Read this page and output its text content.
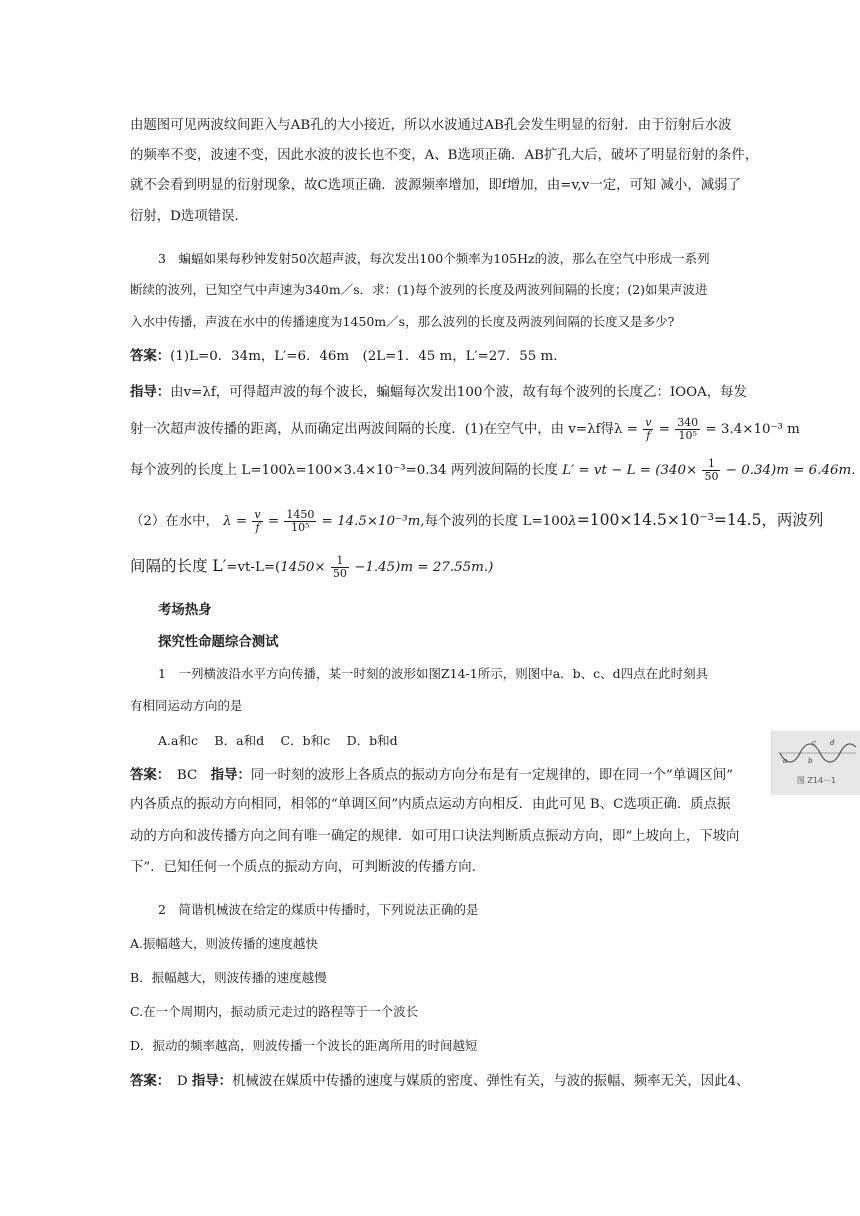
由题图可见两波纹间距入与AB孔的大小接近，所以水波通过AB孔会发生明显的衍射．由于衍射后水波
的频率不变，波速不变，因此水波的波长也不变，A、B选项正确．AB扩孔大后，破坏了明显衍射的条件，
就不会看到明显的衍射现象，故C选项正确．波源频率增加，即f增加，由=v,v一定，可知 减小，减弱了
衍射，D选项错误．
3　蝙蝠如果每秒钟发射50次超声波，每次发出100个频率为105Hz的波，那么在空气中形成一系列
断续的波列，已知空气中声速为340m／s．求：(1)每个波列的长度及两波列间隔的长度；(2)如果声波进
入水中传播，声波在水中的传播速度为1450m／s，那么波列的长度及两波列间隔的长度又是多少?
答案：(1)L=0．34m，L′=6．46m　(2L=1．45 m，L′=27．55 m．
指导：由v=λf，可得超声波的每个波长，蝙蝠每次发出100个波，故有每个波列的长度乙：IOOA，每发
射一次超声波传播的距离，从而确定出两波间隔的长度．(1)在空气中，由 v=λf得$\lambda = \frac{v}{f} = \frac{340}{\text{10⁵}} = 3.4\times 10^{-3}$ m
每个波列的长度上 L=100λ=100×3.4×10⁻³=0.34 两列波间隔的长度 L′ = vt − $L = (340\times \frac{1}{50} - 0.34)m = 6.46m$.
（2）在水中， $\lambda = \frac{v}{f} = \frac{1450}{\text{10⁵}} = 14.5\times 10^{-3}m$,每个波列的长度 L=100λ=100×14.5×10⁻³=14.5，两波列
间隔的长度 $L'=vt-L=(1450\times \frac{1}{50} -1.45)m = 27.55m$.)
考场热身
探究性命题综合测试
1　一列横波沿水平方向传播，某一时刻的波形如图Z14-1所示，则图中a．b、c、d四点在此时刻具
有相同运动方向的是
A.a和c　 B．a和d　 C．b和c　 D．b和d
答案：　BC　指导：同一时刻的波形上各质点的振动方向分布是有一定规律的，即在同一个“单调区间”
内各质点的振动方向相同，相邻的“单调区间”内质点运动方向相反．由此可见 B、C选项正确．质点振
动的方向和波传播方向之间有唯一确定的规律．如可用口诀法判断质点振动方向，即“上坡向上，下坡向
下”．已知任何一个质点的振动方向，可判断波的传播方向．
2　简谐机械波在给定的煤质中传播时，下列说法正确的是
A.振幅越大，则波传播的速度越快
B．振幅越大，则波传播的速度越慢
C.在一个周期内，振动质元走过的路程等于一个波长
D．振动的频率越高，则波传播一个波长的距离所用的时间越短
答案：　D 指导：机械波在媒质中传播的速度与媒质的密度、弹性有关，与波的振幅、频率无关，因此4、
a	b
c d
图 Z14－1
